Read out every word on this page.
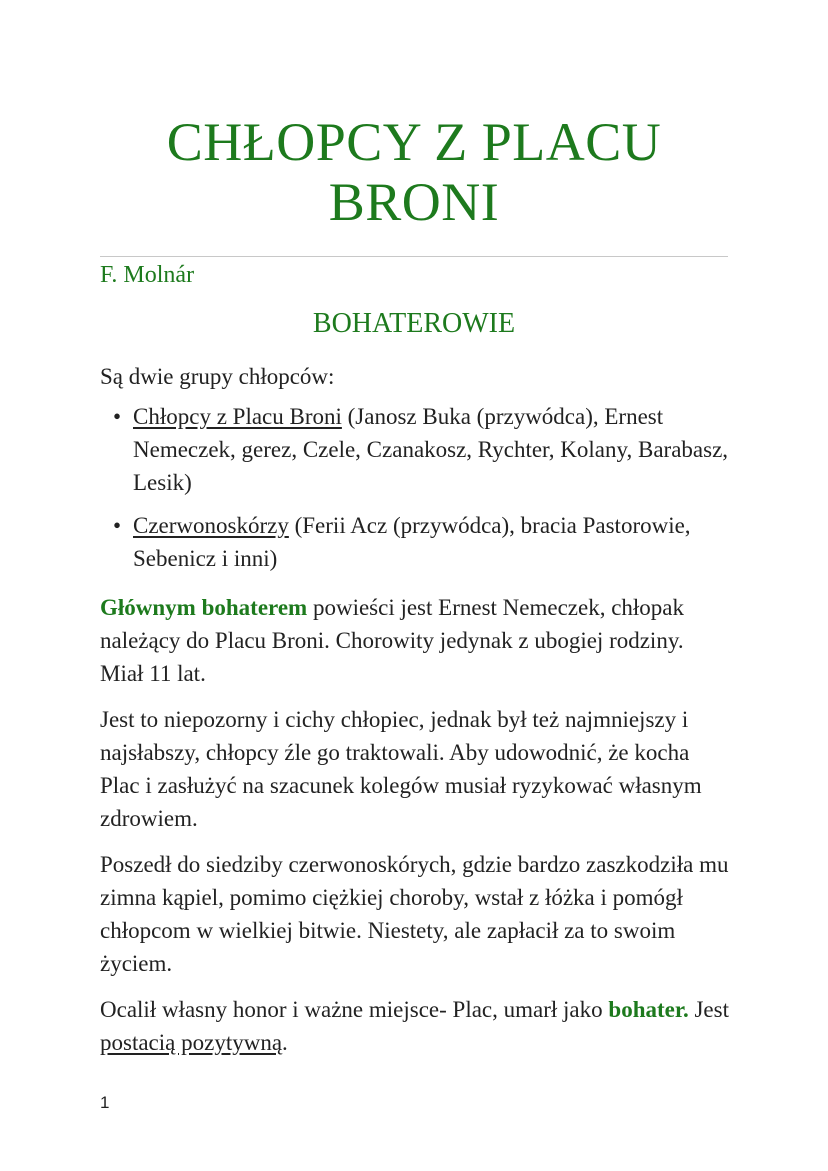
CHŁOPCY Z PLACU
BRONI
F. Molnár
BOHATEROWIE
Są dwie grupy chłopców:
• Chłopcy z Placu Broni (Janosz Buka (przywódca), Ernest Nemeczek, gerez, Czele, Czanakosz, Rychter, Kolany, Barabasz, Lesik)
• Czerwonoskórzy (Ferii Acz (przywódca), bracia Pastorowie, Sebenicz i inni)
Głównym bohaterem powieści jest Ernest Nemeczek, chłopak należący do Placu Broni. Chorowity jedynak z ubogiej rodziny. Miał 11 lat.
Jest to niepozorny i cichy chłopiec, jednak był też najmniejszy i najsłabszy, chłopcy źle go traktowali. Aby udowodnić, że kocha Plac i zasłużyć na szacunek kolegów musiał ryzykować własnym zdrowiem.
Poszedł do siedziby czerwonoskórych, gdzie bardzo zaszkodziła mu zimna kąpiel, pomimo ciężkiej choroby, wstał z łóżka i pomógł chłopcom w wielkiej bitwie. Niestety, ale zapłacił za to swoim życiem.
Ocalił własny honor i ważne miejsce- Plac, umarł jako bohater. Jest postacią pozytywną.
1
